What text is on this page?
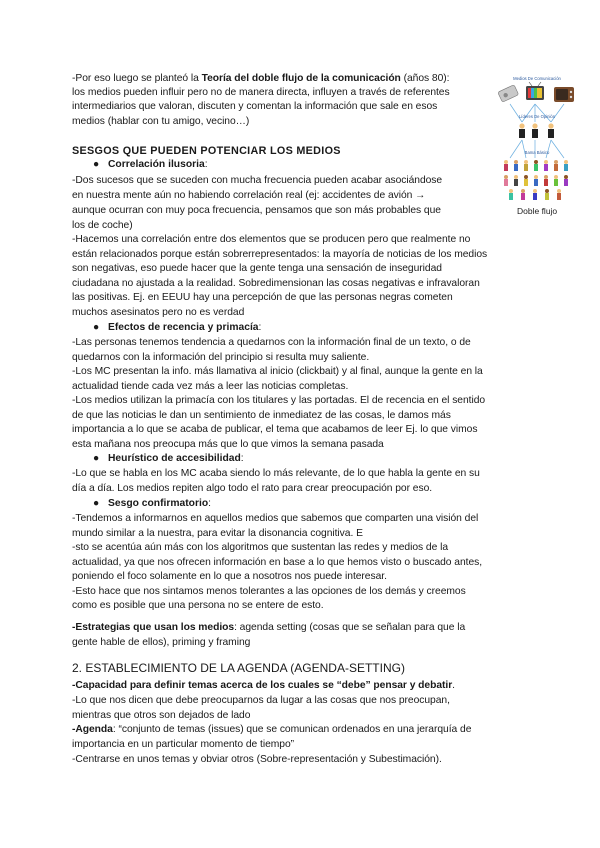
-Por eso luego se planteó la Teoría del doble flujo de la comunicación (años 80):
los medios pueden influir pero no de manera directa, influyen a través de referentes
intermediarios que valoran, discuten y comentan la información que sale en esos
medios (hablar con tu amigo, vecino…)
Medios De Comunicación
Líderes De Opinión
Bama Básico
Doble flujo
SESGOS QUE PUEDEN POTENCIAR LOS MEDIOS
● Correlación ilusoria:
-Dos sucesos que se suceden con mucha frecuencia pueden acabar asociándose
en nuestra mente aún no habiendo correlación real (ej: accidentes de avión →
aunque ocurran con muy poca frecuencia, pensamos que son más probables que
los de coche)
-Hacemos una correlación entre dos elementos que se producen pero que realmente no
están relacionados porque están sobrerrepresentados: la mayoría de noticias de los medios
son negativas, eso puede hacer que la gente tenga una sensación de inseguridad
ciudadana no ajustada a la realidad. Sobredimensionan las cosas negativas e infravaloran
las positivas. Ej. en EEUU hay una percepción de que las personas negras cometen
muchos asesinatos pero no es verdad
● Efectos de recencia y primacía:
-Las personas tenemos tendencia a quedarnos con la información final de un texto, o de
quedarnos con la información del principio si resulta muy saliente.
-Los MC presentan la info. más llamativa al inicio (clickbait) y al final, aunque la gente en la
actualidad tiende cada vez más a leer las noticias completas.
-Los medios utilizan la primacía con los titulares y las portadas. El de recencia en el sentido
de que las noticias le dan un sentimiento de inmediatez de las cosas, le damos más
importancia a lo que se acaba de publicar, el tema que acabamos de leer Ej. lo que vimos
esta mañana nos preocupa más que lo que vimos la semana pasada
● Heurístico de accesibilidad:
-Lo que se habla en los MC acaba siendo lo más relevante, de lo que habla la gente en su
día a día. Los medios repiten algo todo el rato para crear preocupación por eso.
● Sesgo confirmatorio:
-Tendemos a informarnos en aquellos medios que sabemos que comparten una visión del
mundo similar a la nuestra, para evitar la disonancia cognitiva. E
-sto se acentúa aún más con los algoritmos que sustentan las redes y medios de la
actualidad, ya que nos ofrecen información en base a lo que hemos visto o buscado antes,
poniendo el foco solamente en lo que a nosotros nos puede interesar.
-Esto hace que nos sintamos menos tolerantes a las opciones de los demás y creemos
como es posible que una persona no se entere de esto.
-Estrategias que usan los medios: agenda setting (cosas que se señalan para que la
gente hable de ellos), priming y framing
2. ESTABLECIMIENTO DE LA AGENDA (AGENDA-SETTING)
-Capacidad para definir temas acerca de los cuales se “debe” pensar y debatir.
-Lo que nos dicen que debe preocuparnos da lugar a las cosas que nos preocupan,
mientras que otros son dejados de lado
-Agenda: “conjunto de temas (issues) que se comunican ordenados en una jerarquía de
importancia en un particular momento de tiempo”
-Centrarse en unos temas y obviar otros (Sobre-representación y Subestimación).
